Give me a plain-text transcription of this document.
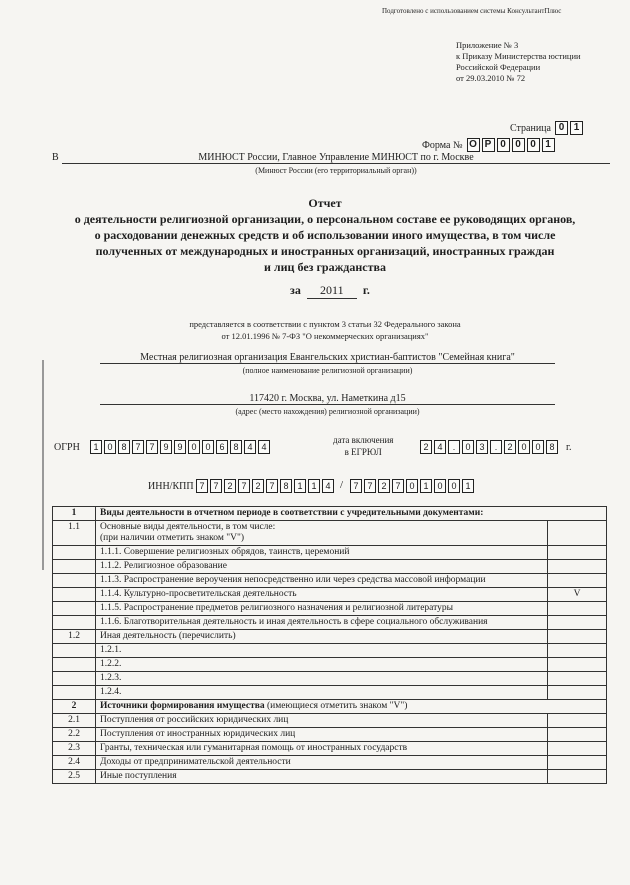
Подготовлено с использованием системы КонсультантПлюс
Приложение № 3
к Приказу Министерства юстиции
Российской Федерации
от 29.03.2010 № 72
Страница 0 1
Форма № О Р 0 0 0 1
В	МИНЮСТ России, Главное Управление МИНЮСТ по г. Москве
(Минюст России (его территориальный орган))
Отчет
о деятельности религиозной организации, о персональном составе ее руководящих органов,
о расходовании денежных средств и об использовании иного имущества, в том числе
полученных от международных и иностранных организаций, иностранных граждан
и лиц без гражданства
за	2011	г.
представляется в соответствии с пунктом 3 статьи 32 Федерального закона
от 12.01.1996 № 7-ФЗ "О некоммерческих организациях"
Местная религиозная организация Евангельских христиан-баптистов "Семейная книга"
(полное наименование религиозной организации)
117420 г. Москва, ул. Наметкина д15
(адрес (место нахождения) религиозной организации)
ОГРН	1 0 8 7 7 9 9 0 0 6 8 4 4
дата включения
в ЕГРЮЛ	2 4	.	0 3	.	2 0 0 8	г.
ИНН/КПП 7 7 2 7 2 7 8 1 1 4 /	7 7 2 7 0 1 0 0 1
1	Виды деятельности в отчетном периоде в соответствии с учредительными документами:	
1.1	Основные виды деятельности, в том числе:
(при наличии отметить знаком "V")	
	1.1.1. Совершение религиозных обрядов, таинств, церемоний	
	1.1.2. Религиозное образование	
	1.1.3. Распространение вероучения непосредственно или через средства массовой информации	
	1.1.4. Культурно-просветительская деятельность	V
	1.1.5. Распространение предметов религиозного назначения и религиозной литературы	
	1.1.6. Благотворительная деятельность и иная деятельность в сфере социального обслуживания	
1.2	Иная деятельность (перечислить)	
	1.2.1.	
	1.2.2.	
	1.2.3.	
	1.2.4.	
2	Источники формирования имущества (имеющиеся отметить знаком "V")	
2.1	Поступления от российских юридических лиц	
2.2	Поступления от иностранных юридических лиц	
2.3	Гранты, техническая или гуманитарная помощь от иностранных государств	
2.4	Доходы от предпринимательской деятельности	
2.5	Иные поступления	
